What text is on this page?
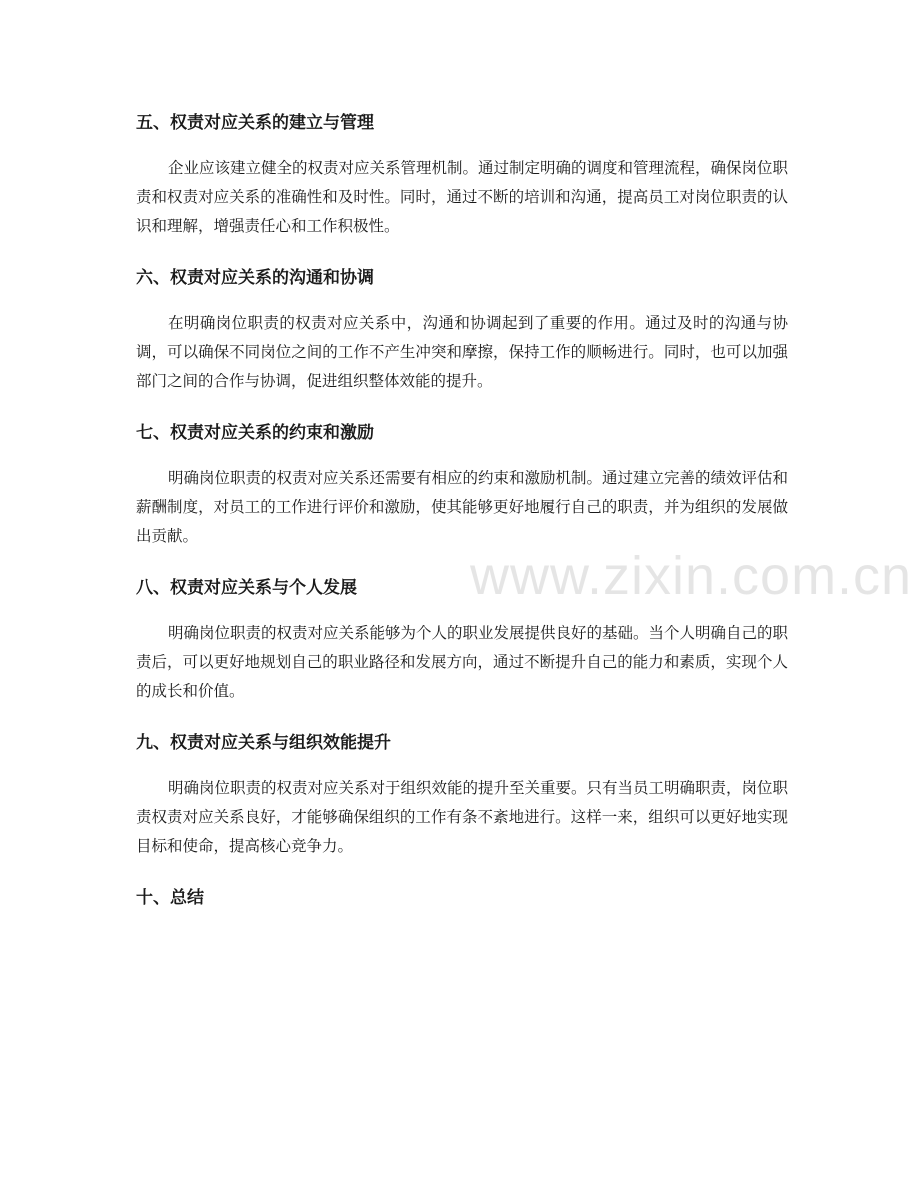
五、权责对应关系的建立与管理

企业应该建立健全的权责对应关系管理机制。通过制定明确的调度和管理流程，确保岗位职责和权责对应关系的准确性和及时性。同时，通过不断的培训和沟通，提高员工对岗位职责的认识和理解，增强责任心和工作积极性。

六、权责对应关系的沟通和协调

在明确岗位职责的权责对应关系中，沟通和协调起到了重要的作用。通过及时的沟通与协调，可以确保不同岗位之间的工作不产生冲突和摩擦，保持工作的顺畅进行。同时，也可以加强部门之间的合作与协调，促进组织整体效能的提升。

七、权责对应关系的约束和激励

明确岗位职责的权责对应关系还需要有相应的约束和激励机制。通过建立完善的绩效评估和薪酬制度，对员工的工作进行评价和激励，使其能够更好地履行自己的职责，并为组织的发展做出贡献。

八、权责对应关系与个人发展

明确岗位职责的权责对应关系能够为个人的职业发展提供良好的基础。当个人明确自己的职责后，可以更好地规划自己的职业路径和发展方向，通过不断提升自己的能力和素质，实现个人的成长和价值。

九、权责对应关系与组织效能提升

明确岗位职责的权责对应关系对于组织效能的提升至关重要。只有当员工明确职责，岗位职责权责对应关系良好，才能够确保组织的工作有条不紊地进行。这样一来，组织可以更好地实现目标和使命，提高核心竞争力。

十、总结
www.zixin.com.cn
